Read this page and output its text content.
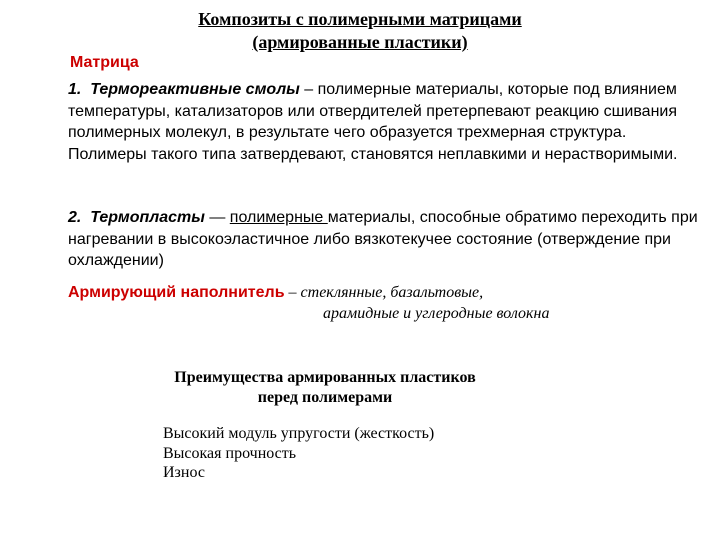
Композиты с полимерными матрицами
(армированные пластики)
Матрица
1. Термореактивные смолы – полимерные материалы, которые под влиянием температуры, катализаторов или отвердителей претерпевают реакцию сшивания полимерных молекул, в результате чего образуется трехмерная структура. Полимеры такого типа затвердевают, становятся неплавкими и нерастворимыми.
2. Термопласты — полимерные материалы, способные обратимо переходить при нагревании в высокоэластичное либо вязкотекучее состояние (отверждение при охлаждении)
Армирующий наполнитель – стеклянные, базальтовые,
арамидные и углеродные волокна
Преимущества армированных пластиков
перед полимерами
Высокий модуль упругости (жесткость)
Высокая прочность
Износ
